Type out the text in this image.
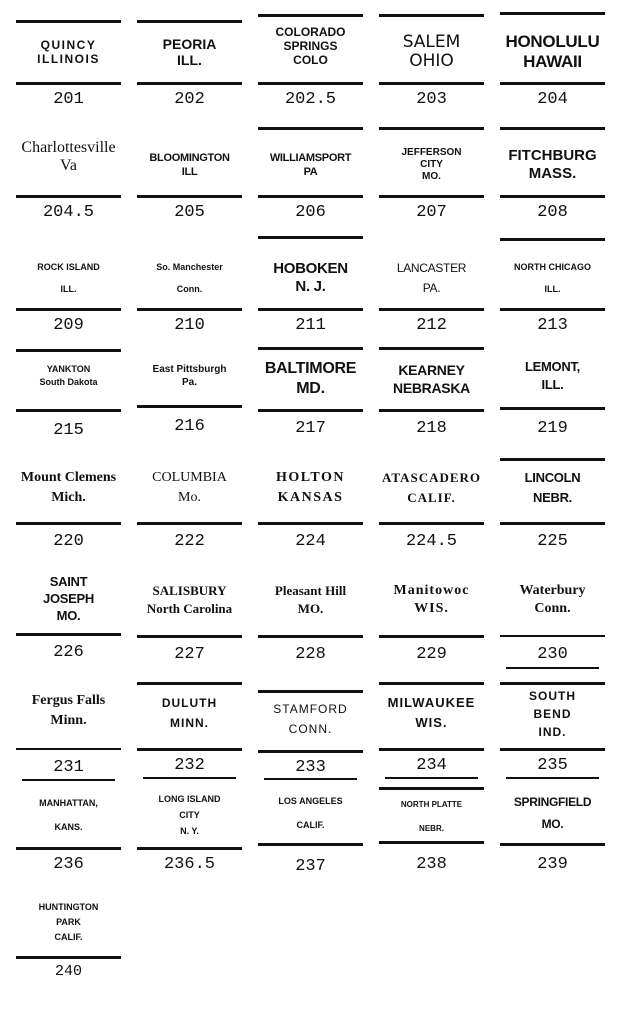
QUINCY
ILLINOIS
201
PEORIA
ILL.
202
COLORADO
SPRINGS
COLO
202.5
SALEM
OHIO
203
HONOLULU
HAWAII
204
Charlottesville
Va
204.5
BLOOMINGTON
ILL
205
WILLIAMSPORT
PA
206
JEFFERSON
CITY
MO.
207
FITCHBURG
MASS.
208
ROCK ISLAND
ILL.
209
So. Manchester
Conn.
210
HOBOKEN
N. J.
211
LANCASTER
PA.
212
NORTH CHICAGO
ILL.
213
YANKTON
South Dakota
215
East Pittsburgh
Pa.
216
BALTIMORE
MD.
217
KEARNEY
NEBRASKA
218
LEMONT,
ILL.
219
Mount Clemens
Mich.
220
COLUMBIA
Mo.
222
HOLTON
KANSAS
224
ATASCADERO
CALIF.
224.5
LINCOLN
NEBR.
225
SAINT
JOSEPH
MO.
226
SALISBURY
North Carolina
227
Pleasant Hill
MO.
228
Manitowoc
WIS.
229
Waterbury
Conn.
230
Fergus Falls
Minn.
231
DULUTH
MINN.
232
STAMFORD
CONN.
233
MILWAUKEE
WIS.
234
SOUTH
BEND
IND.
235
MANHATTAN,
KANS.
236
LONG ISLAND
CITY
N. Y.
236.5
LOS ANGELES
CALIF.
237
NORTH PLATTE
NEBR.
238
SPRINGFIELD
MO.
239
HUNTINGTON
PARK
CALIF.
240
